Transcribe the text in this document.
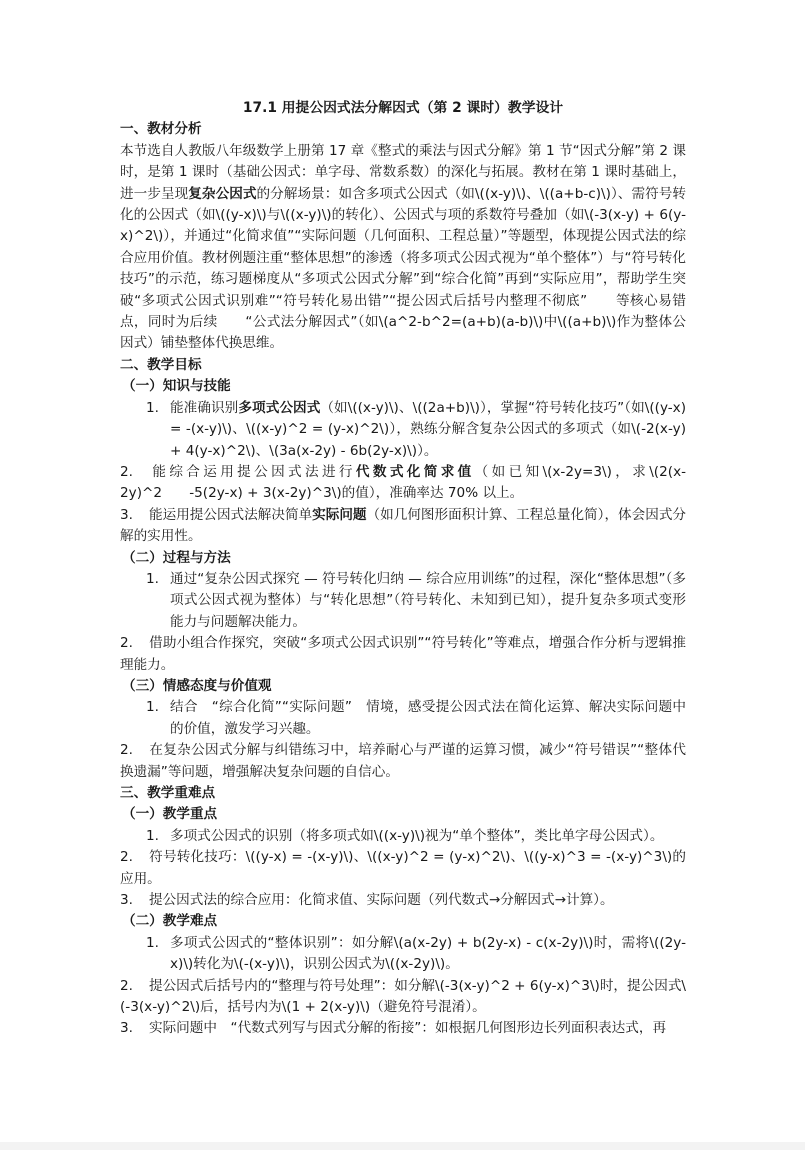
17.1 用提公因式法分解因式（第 2 课时）教学设计

一、教材分析

本节选自人教版八年级数学上册第 17 章《整式的乘法与因式分解》第 1 节“因式分解”第 2 课时，是第 1 课时（基础公因式：单字母、常数系数）的深化与拓展。教材在第 1 课时基础上，进一步呈现复杂公因式的分解场景：如含多项式公因式（如\((x-y)\)、\((a+b-c)\)）、需符号转化的公因式（如\((y-x)\)与\((x-y)\)的转化）、公因式与项的系数符号叠加（如\(-3(x-y) + 6(y-x)^2\)），并通过“化简求值”“实际问题（几何面积、工程总量）”等题型，体现提公因式法的综合应用价值。教材例题注重“整体思想”的渗透（将多项式公因式视为“单个整体”）与“符号转化技巧”的示范，练习题梯度从“多项式公因式分解”到“综合化简”再到“实际应用”，帮助学生突破“多项式公因式识别难”“符号转化易出错”“提公因式后括号内整理不彻底”　　等核心易错点，同时为后续　　“公式法分解因式”（如\(a^2-b^2=(a+b)(a-b)\)中\((a+b)\)作为整体公因式）铺垫整体代换思维。

二、教学目标

（一）知识与技能

1. 能准确识别多项式公因式（如\((x-y)\)、\((2a+b)\)），掌握“符号转化技巧”（如\((y-x) = -(x-y)\)、\((x-y)^2 = (y-x)^2\)），熟练分解含复杂公因式的多项式（如\(-2(x-y) + 4(y-x)^2\)、\(3a(x-2y) - 6b(2y-x)\)）。

2. 能综合运用提公因式法进行代数式化简求值（如已知\(x-2y=3\)，求\(2(x-2y)^2　　-5(2y-x) + 3(x-2y)^3\)的值），准确率达 70% 以上。

3. 能运用提公因式法解决简单实际问题（如几何图形面积计算、工程总量化简），体会因式分解的实用性。

（二）过程与方法

1. 通过“复杂公因式探究 — 符号转化归纳 — 综合应用训练”的过程，深化“整体思想”（多项式公因式视为整体）与“转化思想”（符号转化、未知到已知），提升复杂多项式变形能力与问题解决能力。

2. 借助小组合作探究，突破“多项式公因式识别”“符号转化”等难点，增强合作分析与逻辑推理能力。

（三）情感态度与价值观

1. 结合　“综合化简”“实际问题”　情境，感受提公因式法在简化运算、解决实际问题中的价值，激发学习兴趣。

2. 在复杂公因式分解与纠错练习中，培养耐心与严谨的运算习惯，减少“符号错误”“整体代换遗漏”等问题，增强解决复杂问题的自信心。

三、教学重难点

（一）教学重点

1. 多项式公因式的识别（将多项式如\((x-y)\)视为“单个整体”，类比单字母公因式）。

2. 符号转化技巧：\((y-x) = -(x-y)\)、\((x-y)^2 = (y-x)^2\)、\((y-x)^3 = -(x-y)^3\)的应用。

3. 提公因式法的综合应用：化简求值、实际问题（列代数式→分解因式→计算）。

（二）教学难点

1. 多项式公因式的“整体识别”：如分解\(a(x-2y) + b(2y-x) - c(x-2y)\)时，需将\((2y-x)\)转化为\(-(x-y)\)，识别公因式为\((x-2y)\)。

2. 提公因式后括号内的“整理与符号处理”：如分解\(-3(x-y)^2 + 6(y-x)^3\)时，提公因式\(-3(x-y)^2\)后，括号内为\(1 + 2(x-y)\)（避免符号混淆）。

3. 实际问题中　“代数式列写与因式分解的衔接”：如根据几何图形边长列面积表达式，再
